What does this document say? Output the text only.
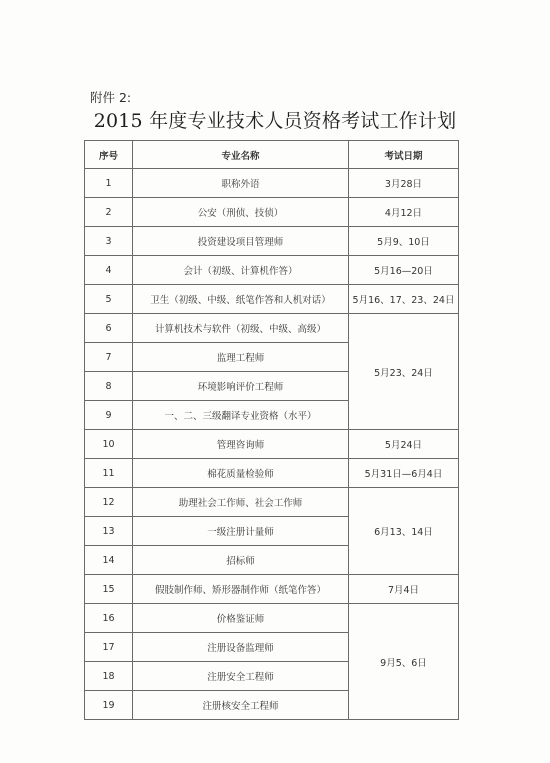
附件 2:
2015 年度专业技术人员资格考试工作计划
序号	专业名称	考试日期
1	职称外语	3月28日
2	公安（刑侦、技侦）	4月12日
3	投资建设项目管理师	5月9、10日
4	会计（初级、计算机作答）	5月16—20日
5	卫生（初级、中级、纸笔作答和人机对话）	5月16、17、23、24日
6	计算机技术与软件（初级、中级、高级）	5月23、24日
7	监理工程师	
8	环境影响评价工程师	
9	一、二、三级翻译专业资格（水平）	
10	管理咨询师	5月24日
11	棉花质量检验师	5月31日—6月4日
12	助理社会工作师、社会工作师	6月13、14日
13	一级注册计量师	
14	招标师	
15	假肢制作师、矫形器制作师（纸笔作答）	7月4日
16	价格鉴证师	9月5、6日
17	注册设备监理师	
18	注册安全工程师	
19	注册核安全工程师	
